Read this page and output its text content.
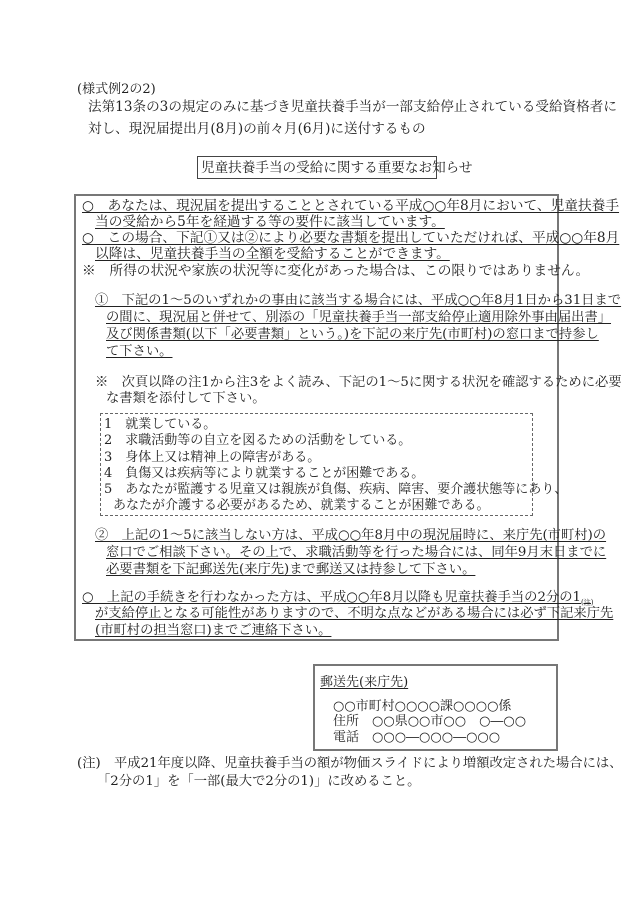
(様式例2の2)
法第13条の3の規定のみに基づき児童扶養手当が一部支給停止されている受給資格者に
対し、現況届提出月(8月)の前々月(6月)に送付するもの
児童扶養手当の受給に関する重要なお知らせ
○　あなたは、現況届を提出することとされている平成○○年8月において、児童扶養手
当の受給から5年を経過する等の要件に該当しています。
○　この場合、下記①又は②により必要な書類を提出していただければ、平成○○年8月
以降は、児童扶養手当の全額を受給することができます。
※　所得の状況や家族の状況等に変化があった場合は、この限りではありません。
①　下記の1～5のいずれかの事由に該当する場合には、平成○○年8月1日から31日まで
の間に、現況届と併せて、別添の「児童扶養手当一部支給停止適用除外事由届出書」
及び関係書類(以下「必要書類」という。)を下記の来庁先(市町村)の窓口まで持参し
て下さい。
※　次頁以降の注1から注3をよく読み、下記の1～5に関する状況を確認するために必要
な書類を添付して下さい。
1　就業している。
2　求職活動等の自立を図るための活動をしている。
3　身体上又は精神上の障害がある。
4　負傷又は疾病等により就業することが困難である。
5　あなたが監護する児童又は親族が負傷、疾病、障害、要介護状態等にあり、
あなたが介護する必要があるため、就業することが困難である。
②　上記の1～5に該当しない方は、平成○○年8月中の現況届時に、来庁先(市町村)の
窓口でご相談下さい。その上で、求職活動等を行った場合には、同年9月末日までに
必要書類を下記郵送先(来庁先)まで郵送又は持参して下さい。
○　上記の手続きを行わなかった方は、平成○○年8月以降も児童扶養手当の2分の$1_{(注)}$
が支給停止となる可能性がありますので、不明な点などがある場合には必ず下記来庁先
(市町村の担当窓口)までご連絡下さい。
郵送先(来庁先)
○○市町村○○○○課○○○○係
住所　 ○○県○○市○○　○―○○
電話　 ○○○―○○○―○○○
(注)　平成21年度以降、児童扶養手当の額が物価スライドにより増額改定された場合には、
「2分の1」を「一部(最大で2分の1)」に改めること。
